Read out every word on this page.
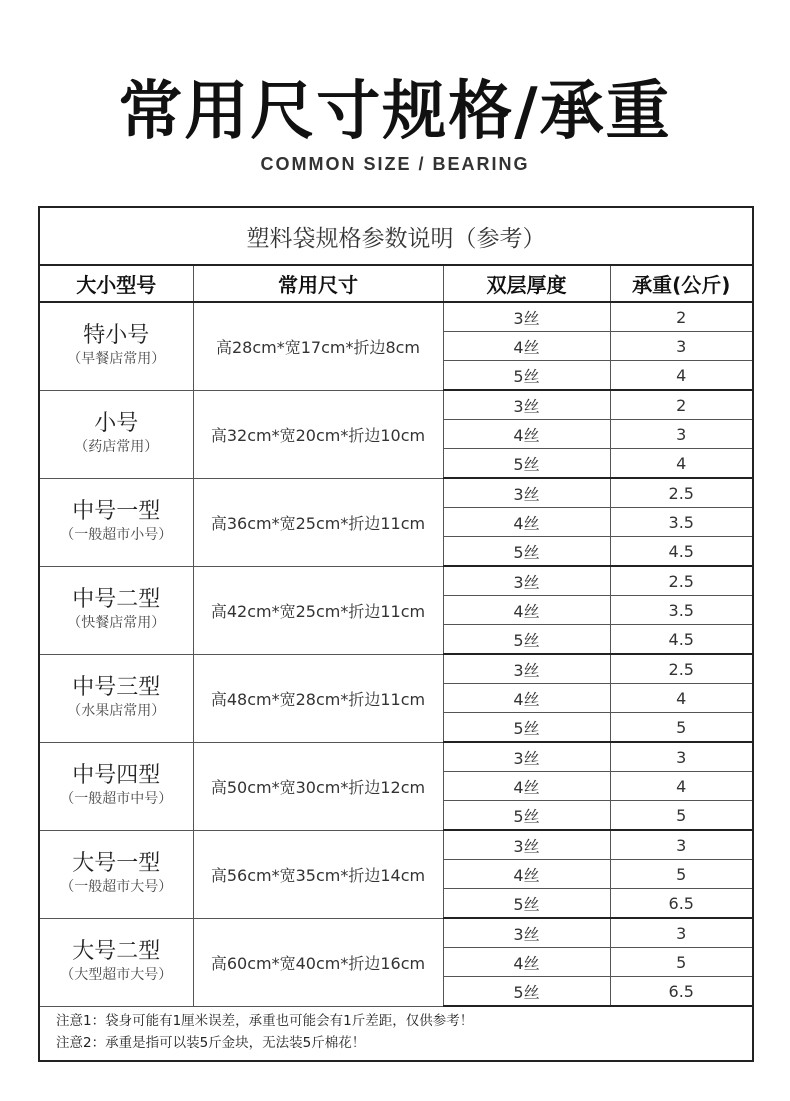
常用尺寸规格/承重
COMMON SIZE / BEARING
塑料袋规格参数说明（参考）
大小型号	常用尺寸	双层厚度	承重(公斤)

特小号
（早餐店常用）	高28cm*宽17cm*折边8cm	3丝	2
		4丝	3
		5丝	4

小号
（药店常用）	高32cm*宽20cm*折边10cm	3丝	2
		4丝	3
		5丝	4

中号一型
（一般超市小号）	高36cm*宽25cm*折边11cm	3丝	2.5
		4丝	3.5
		5丝	4.5

中号二型
（快餐店常用）	高42cm*宽25cm*折边11cm	3丝	2.5
		4丝	3.5
		5丝	4.5

中号三型
（水果店常用）	高48cm*宽28cm*折边11cm	3丝	2.5
		4丝	4
		5丝	5

中号四型
（一般超市中号）	高50cm*宽30cm*折边12cm	3丝	3
		4丝	4
		5丝	5

大号一型
（一般超市大号）	高56cm*宽35cm*折边14cm	3丝	3
		4丝	5
		5丝	6.5

大号二型
（大型超市大号）	高60cm*宽40cm*折边16cm	3丝	3
		4丝	5
		5丝	6.5
注意1：袋身可能有1厘米误差，承重也可能会有1斤差距，仅供参考！
注意2：承重是指可以装5斤金块，无法装5斤棉花！
